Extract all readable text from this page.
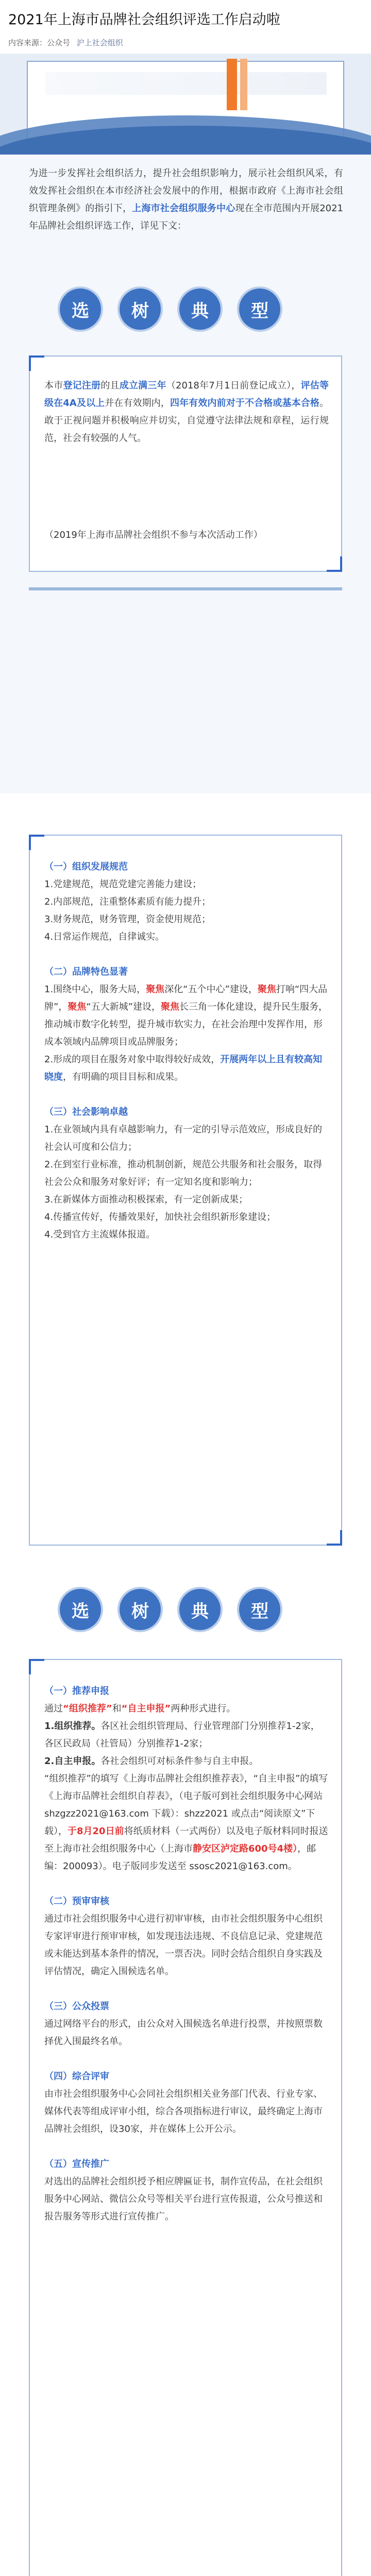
2021年上海市品牌社会组织评选工作启动啦
内容来源：公众号 沪上社会组织
为进一步发挥社会组织活力，提升社会组织影响力，展示社会组织风采，有效发挥社会组织在本市经济社会发展中的作用，根据市政府《上海市社会组织管理条例》的指引下，上海市社会组织服务中心现在全市范围内开展2021年品牌社会组织评选工作，详见下文：
选	树	典	型
本市登记注册的且成立满三年（2018年7月1日前登记成立），评估等级在4A及以上并在有效期内，四年有效内前对于不合格或基本合格。敢于正视问题并积极响应并切实，自觉遵守法律法规和章程，运行规范，社会有较强的人气。
（2019年上海市品牌社会组织不参与本次活动工作）
（一）组织发展规范
1.党建规范，规范党建完善能力建设；
2.内部规范，注重整体素质有能力提升；
3.财务规范，财务管理，资金使用规范；
4.日常运作规范，自律诚实。
（二）品牌特色显著
1.围绕中心，服务大局，聚焦深化“五个中心”建设，聚焦打响“四大品牌”，聚焦“五大新城”建设，聚焦长三角一体化建设，提升民生服务，推动城市数字化转型，提升城市软实力，在社会治理中发挥作用，形成本领域内品牌项目或品牌服务；
2.形成的项目在服务对象中取得较好成效，开展两年以上且有较高知晓度，有明确的项目目标和成果。
（三）社会影响卓越
1.在业领域内具有卓越影响力，有一定的引导示范效应，形成良好的社会认可度和公信力；
2.在到室行业标准，推动机制创新，规范公共服务和社会服务，取得社会公众和服务对象好评；有一定知名度和影响力；
3.在新媒体方面推动积极探索，有一定创新成果；
4.传播宣传好，传播效果好，加快社会组织新形象建设；
4.受到官方主流媒体报道。
选	树	典	型
（一）推荐申报
通过“组织推荐”和“自主申报”两种形式进行。
1.组织推荐。各区社会组织管理局、行业管理部门分别推荐1-2家，各区民政局（社管局）分别推荐1-2家；
2.自主申报。各社会组织可对标条件参与自主申报。
“组织推荐”的填写《上海市品牌社会组织推荐表》，“自主申报”的填写《上海市品牌社会组织自荐表》，（电子版可到社会组织服务中心网站 shzgzz2021@163.com 下载）：shzz2021 或点击“阅读原文”下载），于8月20日前将纸质材料（一式两份）以及电子版材料同时报送至上海市社会组织服务中心（上海市静安区泸定路600号4楼），邮编：200093）。电子版同步发送至 ssosc2021@163.com。
（二）预审审核
通过市社会组织服务中心进行初审审核，由市社会组织服务中心组织专家评审进行预审审核，如发现违法违规、不良信息记录、党建规范或未能达到基本条件的情况，一票否决。同时会结合组织自身实践及评估情况，确定入围候选名单。
（三）公众投票
通过网络平台的形式，由公众对入围候选名单进行投票，并按照票数择优入围最终名单。
（四）综合评审
由市社会组织服务中心会同社会组织相关业务部门代表、行业专家、媒体代表等组成评审小组，综合各项指标进行审议，最终确定上海市品牌社会组织，设30家，并在媒体上公开公示。
（五）宣传推广
对选出的品牌社会组织授予相应牌匾证书，制作宣传品，在社会组织服务中心网站、微信公众号等相关平台进行宣传报道，公众号推送和报告服务等形式进行宣传推广。
